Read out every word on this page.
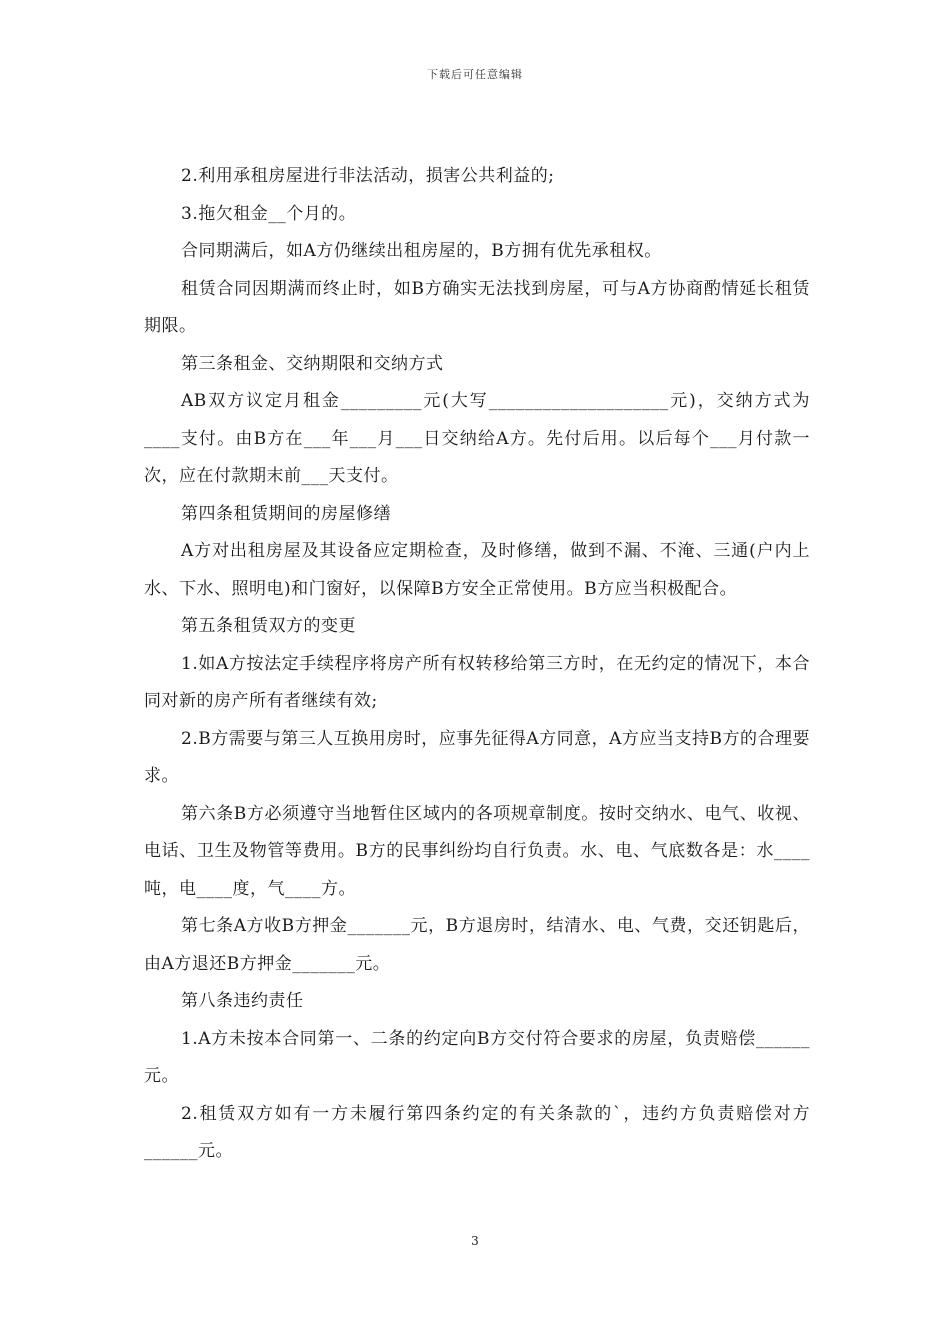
下载后可任意编辑

2.利用承租房屋进行非法活动，损害公共利益的;

3.拖欠租金__个月的。

合同期满后，如A方仍继续出租房屋的，B方拥有优先承租权。

租赁合同因期满而终止时，如B方确实无法找到房屋，可与A方协商酌情延长租赁期限。

第三条租金、交纳期限和交纳方式

AB双方议定月租金_________元(大写____________________元)，交纳方式为____支付。由B方在___年___月___日交纳给A方。先付后用。以后每个___月付款一次，应在付款期末前___天支付。

第四条租赁期间的房屋修缮

A方对出租房屋及其设备应定期检查，及时修缮，做到不漏、不淹、三通(户内上水、下水、照明电)和门窗好，以保障B方安全正常使用。B方应当积极配合。

第五条租赁双方的变更

1.如A方按法定手续程序将房产所有权转移给第三方时，在无约定的情况下，本合同对新的房产所有者继续有效;

2.B方需要与第三人互换用房时，应事先征得A方同意，A方应当支持B方的合理要求。

第六条B方必须遵守当地暂住区域内的各项规章制度。按时交纳水、电气、收视、电话、卫生及物管等费用。B方的民事纠纷均自行负责。水、电、气底数各是：水____吨，电____度，气____方。

第七条A方收B方押金_______元，B方退房时，结清水、电、气费，交还钥匙后，由A方退还B方押金_______元。

第八条违约责任

1.A方未按本合同第一、二条的约定向B方交付符合要求的房屋，负责赔偿______元。

2.租赁双方如有一方未履行第四条约定的有关条款的`，违约方负责赔偿对方______元。

3
